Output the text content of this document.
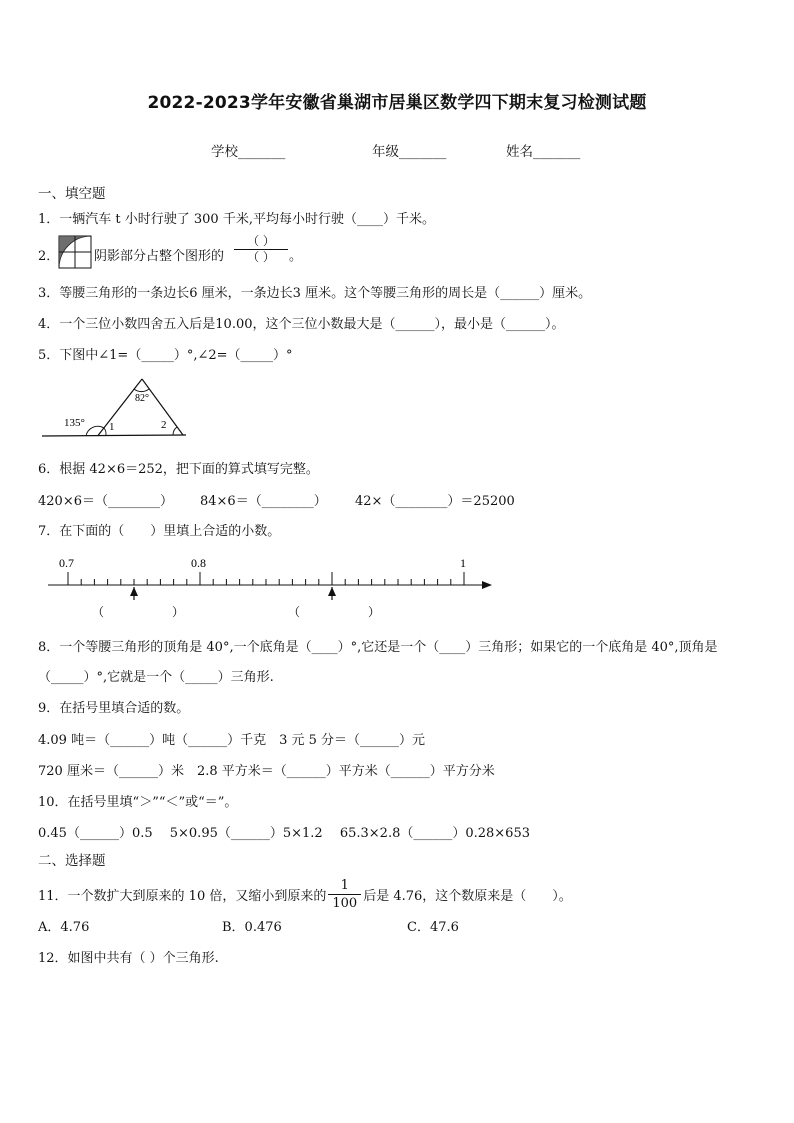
2022-2023学年安徽省巢湖市居巢区数学四下期末复习检测试题
学校_______	年级_______	姓名_______
一、填空题
1．一辆汽车 t 小时行驶了 300 千米,平均每小时行驶（____）千米。
2．	阴影部分占整个图形的
（ ）
（ ）	。
3．等腰三角形的一条边长6 厘米，一条边长3 厘米。这个等腰三角形的周长是（______）厘米。
4．一个三位小数四舍五入后是10.00，这个三位小数最大是（______），最小是（______）。
5．下图中∠1=（_____）°,∠2=（_____）°
135°
82°
1	2
6．根据 42×6＝252，把下面的算式填写完整。
420×6＝（________） 84×6＝（________） 42×（________）＝25200
7．在下面的（　　）里填上合适的小数。
0.7	0.8	1
（	）	（	）
8．一个等腰三角形的顶角是 40°,一个底角是（____）°,它还是一个（____）三角形；如果它的一个底角是 40°,顶角是
（_____）°,它就是一个（_____）三角形.
9．在括号里填合适的数。
4.09 吨＝（______）吨（______）千克　3 元 5 分＝（______）元
720 厘米＝（______）米　2.8 平方米＝（______）平方米（______）平方分米
10．在括号里填“＞”“＜”或“＝”。
0.45（______）0.5　 5×0.95（______）5×1.2　 65.3×2.8（______）0.28×653
二、选择题
11．一个数扩大到原来的 10 倍，又缩小到原来的 $\frac{1}{100}$ 后是 4.76，这个数原来是（　　）。
A．4.76	B．0.476	C．47.6
12．如图中共有（ ）个三角形.
